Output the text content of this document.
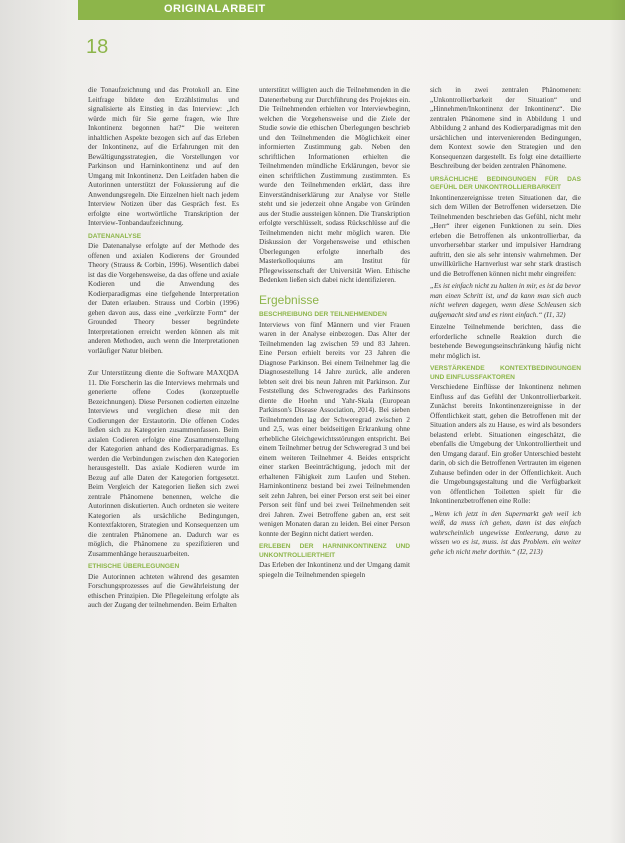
ORIGINALARBEIT
18

die Tonaufzeichnung und das Protokoll an. Eine Leitfrage bildete den Erzählstimulus und signalisierte als Einstieg in das Interview: „Ich würde mich für Sie gerne fragen, wie Ihre Inkontinenz begonnen hat?“ Die weiteren inhaltlichen Aspekte bezogen sich auf das Erleben der Inkontinenz, auf die Erfahrungen mit den Bewältigungsstrategien, die Vorstellungen vor Parkinson und Harninkontinenz und auf den Umgang mit Inkontinenz. Den Leitfaden haben die Autorinnen unterstützt der Fokussierung auf die Anwendungsregeln. Die Einzelnen hielt nach jedem Interview Notizen über das Gespräch fest. Es erfolgte eine wortwörtliche Transkription der Interview-Tonbandaufzeichnung.

DATENANALYSE

Die Datenanalyse erfolgte auf der Methode des offenen und axialen Kodierens der Grounded Theory (Strauss & Corbin, 1996). Wesentlich dabei ist das die Vorgehensweise, da das offene und axiale Kodieren und die Anwendung des Kodierparadigmas eine tiefgehende Interpretation der Daten erlauben. Strauss und Corbin (1996) gehen davon aus, dass eine „verkürzte Form“ der Grounded Theory besser begründete Interpretationen erreicht werden können als mit anderen Methoden, auch wenn die Interpretationen vorläufiger Natur bleiben.

Zur Unterstützung diente die Software MAXQDA 11. Die Forscherin las die Interviews mehrmals und generierte offene Codes (konzeptuelle Bezeichnungen). Diese Personen codierten einzelne Interviews und verglichen diese mit den Codierungen der Erstautorin. Die offenen Codes ließen sich zu Kategorien zusammenfassen. Beim axialen Codieren erfolgte eine Zusammenstellung der Kategorien anhand des Kodierparadigmas. Es werden die Verbindungen zwischen den Kategorien herausgestellt. Das axiale Kodieren wurde im Bezug auf alle Daten der Kategorien fortgesetzt. Beim Vergleich der Kategorien ließen sich zwei zentrale Phänomene benennen, welche die Autorinnen diskutierten. Auch ordneten sie weitere Kategorien als ursächliche Bedingungen, Kontextfaktoren, Strategien und Konsequenzen um die zentralen Phänomene an. Dadurch war es möglich, die Phänomene zu spezifizieren und Zusammenhänge herauszuarbeiten.

ETHISCHE ÜBERLEGUNGEN

Die Autorinnen achteten während des gesamten Forschungsprozesses auf die Gewährleistung der ethischen Prinzipien. Die Pflegeleitung erfolgte als auch der Zugang der teilnehmenden. Beim Erhalten

unterstützt willigten auch die Teilnehmenden in die Datenerhebung zur Durchführung des Projektes ein. Die Teilnehmenden erhielten vor Interviewbeginn, welchen die Vorgehensweise und die Ziele der Studie sowie die ethischen Überlegungen beschrieb und den Teilnehmenden die Möglichkeit einer informierten Zustimmung gab. Neben den schriftlichen Informationen erhielten die Teilnehmenden mündliche Erklärungen, bevor sie einen schriftlichen Zustimmung zustimmten. Es wurde den Teilnehmenden erklärt, dass ihre Einverständniserklärung zur Analyse vor Stelle steht und sie jederzeit ohne Angabe von Gründen aus der Studie aussteigen können. Die Transkription erfolgte verschlüsselt, sodass Rückschlüsse auf die Teilnehmenden nicht mehr möglich waren. Die Diskussion der Vorgehensweise und ethischen Überlegungen erfolgte innerhalb des Masterkolloquiums am Institut für Pflegewissenschaft der Universität Wien. Ethische Bedenken ließen sich dabei nicht identifizieren.

Ergebnisse
BESCHREIBUNG DER TEILNEHMENDEN

Interviews von fünf Männern und vier Frauen waren in der Analyse einbezogen. Das Alter der Teilnehmenden lag zwischen 59 und 83 Jahren. Eine Person erhielt bereits vor 23 Jahren die Diagnose Parkinson. Bei einem Teilnehmer lag die Diagnosestellung 14 Jahre zurück, alle anderen lebten seit drei bis neun Jahren mit Parkinson. Zur Feststellung des Schweregrades des Parkinsons diente die Hoehn und Yahr-Skala (European Parkinson's Disease Association, 2014). Bei sieben Teilnehmenden lag der Schweregrad zwischen 2 und 2,5, was einer beidseitigen Erkrankung ohne erhebliche Gleichgewichtsstörungen entspricht. Bei einem Teilnehmer betrug der Schweregrad 3 und bei einem weiteren Teilnehmer 4. Beides entspricht einer starken Beeinträchtigung, jedoch mit der erhaltenen Fähigkeit zum Laufen und Stehen. Harninkontinenz bestand bei zwei Teilnehmenden seit zehn Jahren, bei einer Person erst seit bei einer Person seit fünf und bei zwei Teilnehmenden seit drei Jahren. Zwei Betroffene gaben an, erst seit wenigen Monaten daran zu leiden. Bei einer Person konnte der Beginn nicht datiert werden.

ERLEBEN DER HARNINKONTINENZ UND UNKONTROLLIERTHEIT

Das Erleben der Inkontinenz und der Umgang damit spiegeln die Teilnehmenden spiegeln

sich in zwei zentralen Phänomenen: „Unkontrollierbarkeit der Situation“ und „Hinnehmen/Inkontinenz der Inkontinenz“. Die zentralen Phänomene sind in Abbildung 1 und Abbildung 2 anhand des Kodierparadigmas mit den ursächlichen und intervenierenden Bedingungen, dem Kontext sowie den Strategien und den Konsequenzen dargestellt. Es folgt eine detaillierte Beschreibung der beiden zentralen Phänomene.

URSÄCHLICHE BEDINGUNGEN FÜR DAS GEFÜHL DER UNKONTROLLIERBARKEIT

Inkontinenzereignisse treten Situationen dar, die sich dem Willen der Betroffenen widersetzen. Die Teilnehmenden beschrieben das Gefühl, nicht mehr „Herr“ ihrer eigenen Funktionen zu sein. Dies erleben die Betroffenen als unkontrollierbar, da unvorhersehbar starker und impulsiver Harndrang auftritt, den sie als sehr intensiv wahrnehmen. Der unwillkürliche Harnverlust war sehr stark drastisch und die Betroffenen können nicht mehr eingreifen:

„Es ist einfach nicht zu halten in mir, es ist da bevor man einen Schritt ist, und da kann man sich auch nicht wehren dagegen, wenn diese Schleusen sich aufgemacht sind und es rinnt einfach.“ (I1, 32)

Einzelne Teilnehmende berichten, dass die erforderliche schnelle Reaktion durch die bestehende Bewegungseinschränkung häufig nicht mehr möglich ist.

VERSTÄRKENDE KONTEXTBEDINGUNGEN UND EINFLUSSFAKTOREN

Verschiedene Einflüsse der Inkontinenz nehmen Einfluss auf das Gefühl der Unkontrollierbarkeit. Zunächst bereits Inkontinenzereignisse in der Öffentlichkeit statt, gehen die Betroffenen mit der Situation anders als zu Hause, es wird als besonders belastend erlebt. Situationen eingeschätzt, die ebenfalls die Umgebung der Unkontrolliertheit und den Umgang darauf. Ein großer Unterschied besteht darin, ob sich die Betroffenen Vertrauten im eigenen Zuhause befinden oder in der Öffentlichkeit. Auch die Umgebungsgestaltung und die Verfügbarkeit von öffentlichen Toiletten spielt für die Inkontinenzbetroffenen eine Rolle:

„Wenn ich jetzt in den Supermarkt geh weil ich weiß, da muss ich gehen, dann ist das einfach wahrscheinlich ungewisse Entleerung, dann zu wissen wo es ist, muss. ist das Problem. ein weiter gehe ich nicht mehr dorthin.“ (I2, 213)
